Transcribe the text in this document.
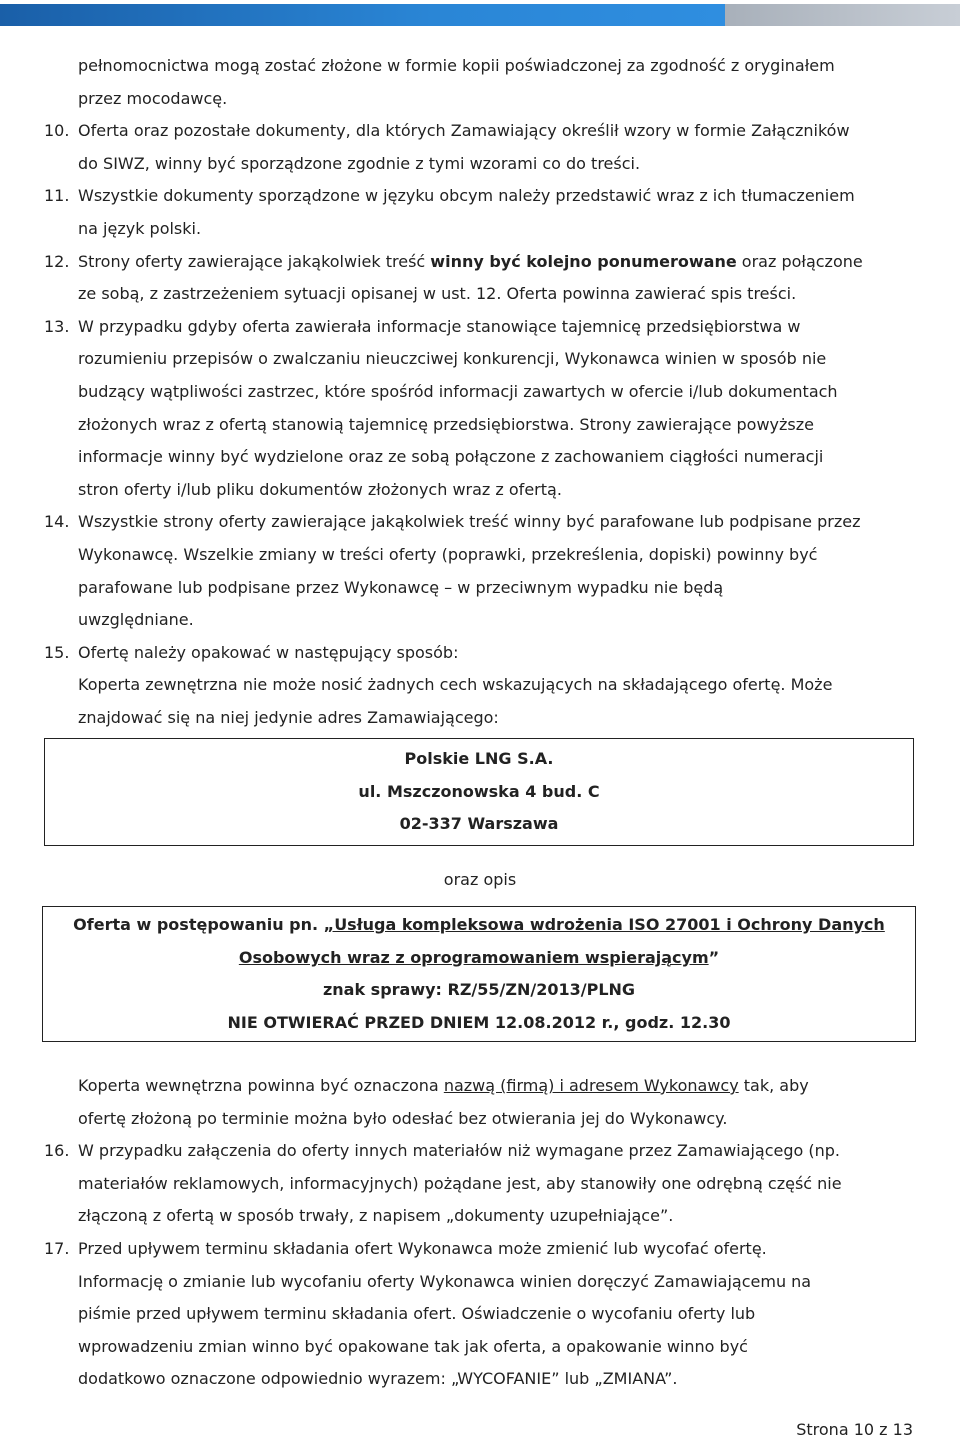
pełnomocnictwa mogą zostać złożone w formie kopii poświadczonej za zgodność z oryginałem
przez mocodawcę.
10. Oferta oraz pozostałe dokumenty, dla których Zamawiający określił wzory w formie Załączników
do SIWZ, winny być sporządzone zgodnie z tymi wzorami co do treści.
11. Wszystkie dokumenty sporządzone w języku obcym należy przedstawić wraz z ich tłumaczeniem
na język polski.
12. Strony oferty zawierające jakąkolwiek treść winny być kolejno ponumerowane oraz połączone
ze sobą, z zastrzeżeniem sytuacji opisanej w ust. 12. Oferta powinna zawierać spis treści.
13. W przypadku gdyby oferta zawierała informacje stanowiące tajemnicę przedsiębiorstwa w
rozumieniu przepisów o zwalczaniu nieuczciwej konkurencji, Wykonawca winien w sposób nie
budzący wątpliwości zastrzec, które spośród informacji zawartych w ofercie i/lub dokumentach
złożonych wraz z ofertą stanowią tajemnicę przedsiębiorstwa. Strony zawierające powyższe
informacje winny być wydzielone oraz ze sobą połączone z zachowaniem ciągłości numeracji
stron oferty i/lub pliku dokumentów złożonych wraz z ofertą.
14. Wszystkie strony oferty zawierające jakąkolwiek treść winny być parafowane lub podpisane przez
Wykonawcę. Wszelkie zmiany w treści oferty (poprawki, przekreślenia, dopiski) powinny być
parafowane lub podpisane przez Wykonawcę – w przeciwnym wypadku nie będą
uwzględniane.
15. Ofertę należy opakować w następujący sposób:
Koperta zewnętrzna nie może nosić żadnych cech wskazujących na składającego ofertę. Może
znajdować się na niej jedynie adres Zamawiającego:
Polskie LNG S.A.
ul. Mszczonowska 4 bud. C
02-337 Warszawa
oraz opis
Oferta w postępowaniu pn. „Usługa kompleksowa wdrożenia ISO 27001 i Ochrony Danych
Osobowych wraz z oprogramowaniem wspierającym”
znak sprawy: RZ/55/ZN/2013/PLNG
NIE OTWIERAĆ PRZED DNIEM 12.08.2012 r., godz. 12.30
Koperta wewnętrzna powinna być oznaczona nazwą (firmą) i adresem Wykonawcy tak, aby
ofertę złożoną po terminie można było odesłać bez otwierania jej do Wykonawcy.
16. W przypadku załączenia do oferty innych materiałów niż wymagane przez Zamawiającego (np.
materiałów reklamowych, informacyjnych) pożądane jest, aby stanowiły one odrębną część nie
złączoną z ofertą w sposób trwały, z napisem „dokumenty uzupełniające”.
17. Przed upływem terminu składania ofert Wykonawca może zmienić lub wycofać ofertę.
Informację o zmianie lub wycofaniu oferty Wykonawca winien doręczyć Zamawiającemu na
piśmie przed upływem terminu składania ofert. Oświadczenie o wycofaniu oferty lub
wprowadzeniu zmian winno być opakowane tak jak oferta, a opakowanie winno być
dodatkowo oznaczone odpowiednio wyrazem: „WYCOFANIE” lub „ZMIANA”.
Strona 10 z 13
